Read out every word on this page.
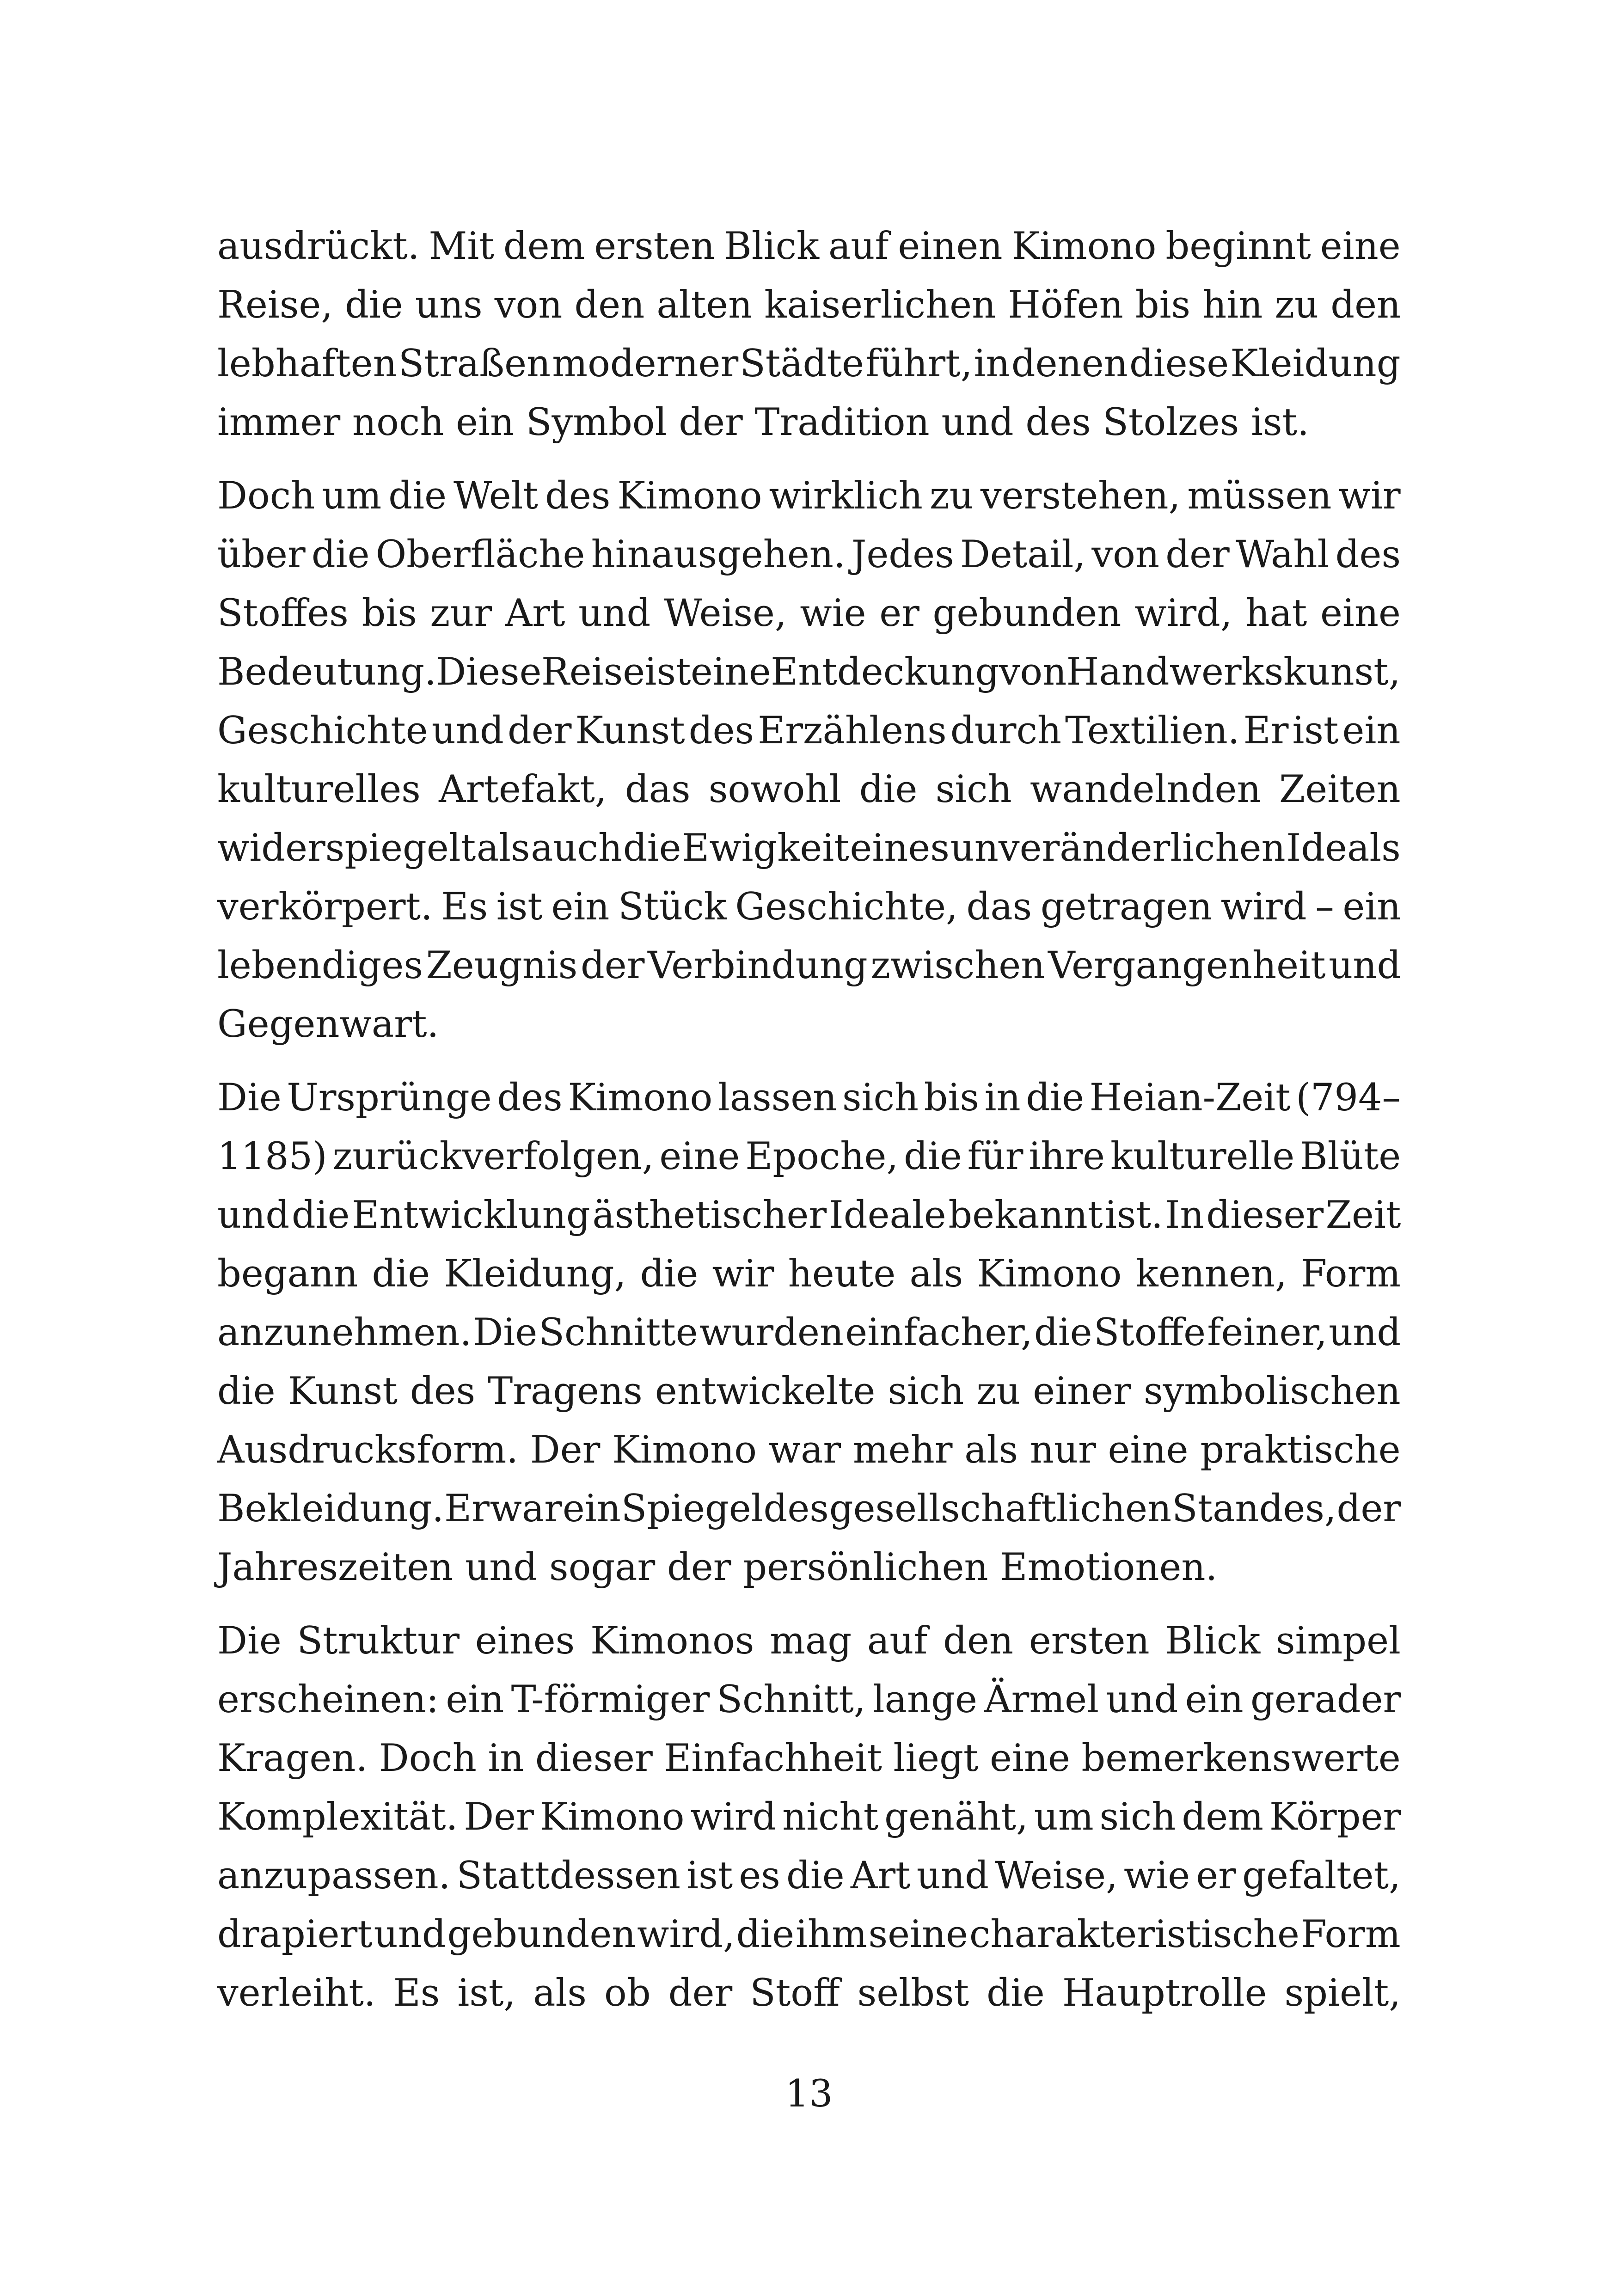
ausdrückt. Mit dem ersten Blick auf einen Kimono beginnt eine
Reise, die uns von den alten kaiserlichen Höfen bis hin zu den
lebhaften Straßen moderner Städte führt, in denen diese Kleidung
immer noch ein Symbol der Tradition und des Stolzes ist.
Doch um die Welt des Kimono wirklich zu verstehen, müssen wir
über die Oberfläche hinausgehen. Jedes Detail, von der Wahl des
Stoffes bis zur Art und Weise, wie er gebunden wird, hat eine
Bedeutung. Diese Reise ist eine Entdeckung von Handwerkskunst,
Geschichte und der Kunst des Erzählens durch Textilien. Er ist ein
kulturelles Artefakt, das sowohl die sich wandelnden Zeiten
widerspiegelt als auch die Ewigkeit eines unveränderlichen Ideals
verkörpert. Es ist ein Stück Geschichte, das getragen wird – ein
lebendiges Zeugnis der Verbindung zwischen Vergangenheit und
Gegenwart.
Die Ursprünge des Kimono lassen sich bis in die Heian-Zeit (794–
1185) zurückverfolgen, eine Epoche, die für ihre kulturelle Blüte
und die Entwicklung ästhetischer Ideale bekannt ist. In dieser Zeit
begann die Kleidung, die wir heute als Kimono kennen, Form
anzunehmen. Die Schnitte wurden einfacher, die Stoffe feiner, und
die Kunst des Tragens entwickelte sich zu einer symbolischen
Ausdrucksform. Der Kimono war mehr als nur eine praktische
Bekleidung. Er war ein Spiegel des gesellschaftlichen Standes, der
Jahreszeiten und sogar der persönlichen Emotionen.
Die Struktur eines Kimonos mag auf den ersten Blick simpel
erscheinen: ein T-förmiger Schnitt, lange Ärmel und ein gerader
Kragen. Doch in dieser Einfachheit liegt eine bemerkenswerte
Komplexität. Der Kimono wird nicht genäht, um sich dem Körper
anzupassen. Stattdessen ist es die Art und Weise, wie er gefaltet,
drapiert und gebunden wird, die ihm seine charakteristische Form
verleiht. Es ist, als ob der Stoff selbst die Hauptrolle spielt,
13
